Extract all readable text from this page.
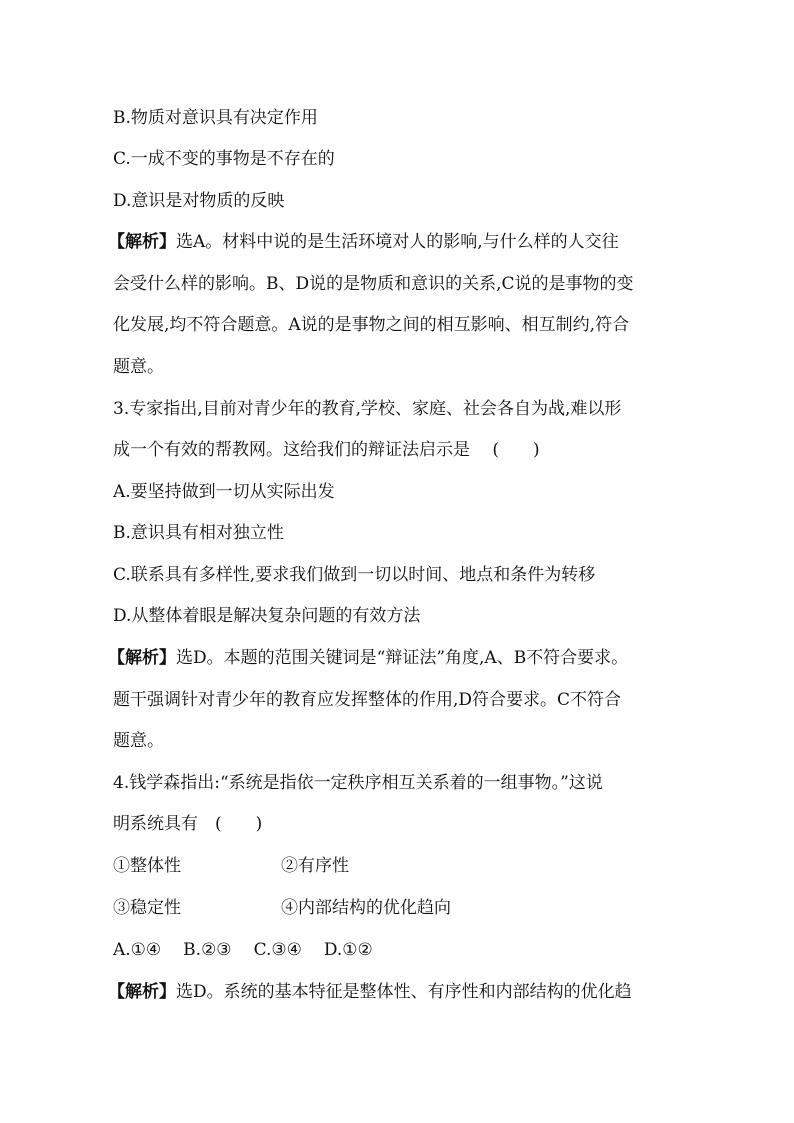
B.物质对意识具有决定作用
C.一成不变的事物是不存在的
D.意识是对物质的反映
【解析】选A。材料中说的是生活环境对人的影响,与什么样的人交往
会受什么样的影响。B、D说的是物质和意识的关系,C说的是事物的变
化发展,均不符合题意。A说的是事物之间的相互影响、相互制约,符合
题意。
3.专家指出,目前对青少年的教育,学校、家庭、社会各自为战,难以形
成一个有效的帮教网。这给我们的辩证法启示是　 (　　)
A.要坚持做到一切从实际出发
B.意识具有相对独立性
C.联系具有多样性,要求我们做到一切以时间、地点和条件为转移
D.从整体着眼是解决复杂问题的有效方法
【解析】选D。本题的范围关键词是“辩证法”角度,A、B不符合要求。
题干强调针对青少年的教育应发挥整体的作用,D符合要求。C不符合
题意。
4.钱学森指出:“系统是指依一定秩序相互关系着的一组事物。”这说
明系统具有　(　　)
①整体性	②有序性
③稳定性	④内部结构的优化趋向
A.①④ B.②③ C.③④ D.①②
【解析】选D。系统的基本特征是整体性、有序性和内部结构的优化趋
